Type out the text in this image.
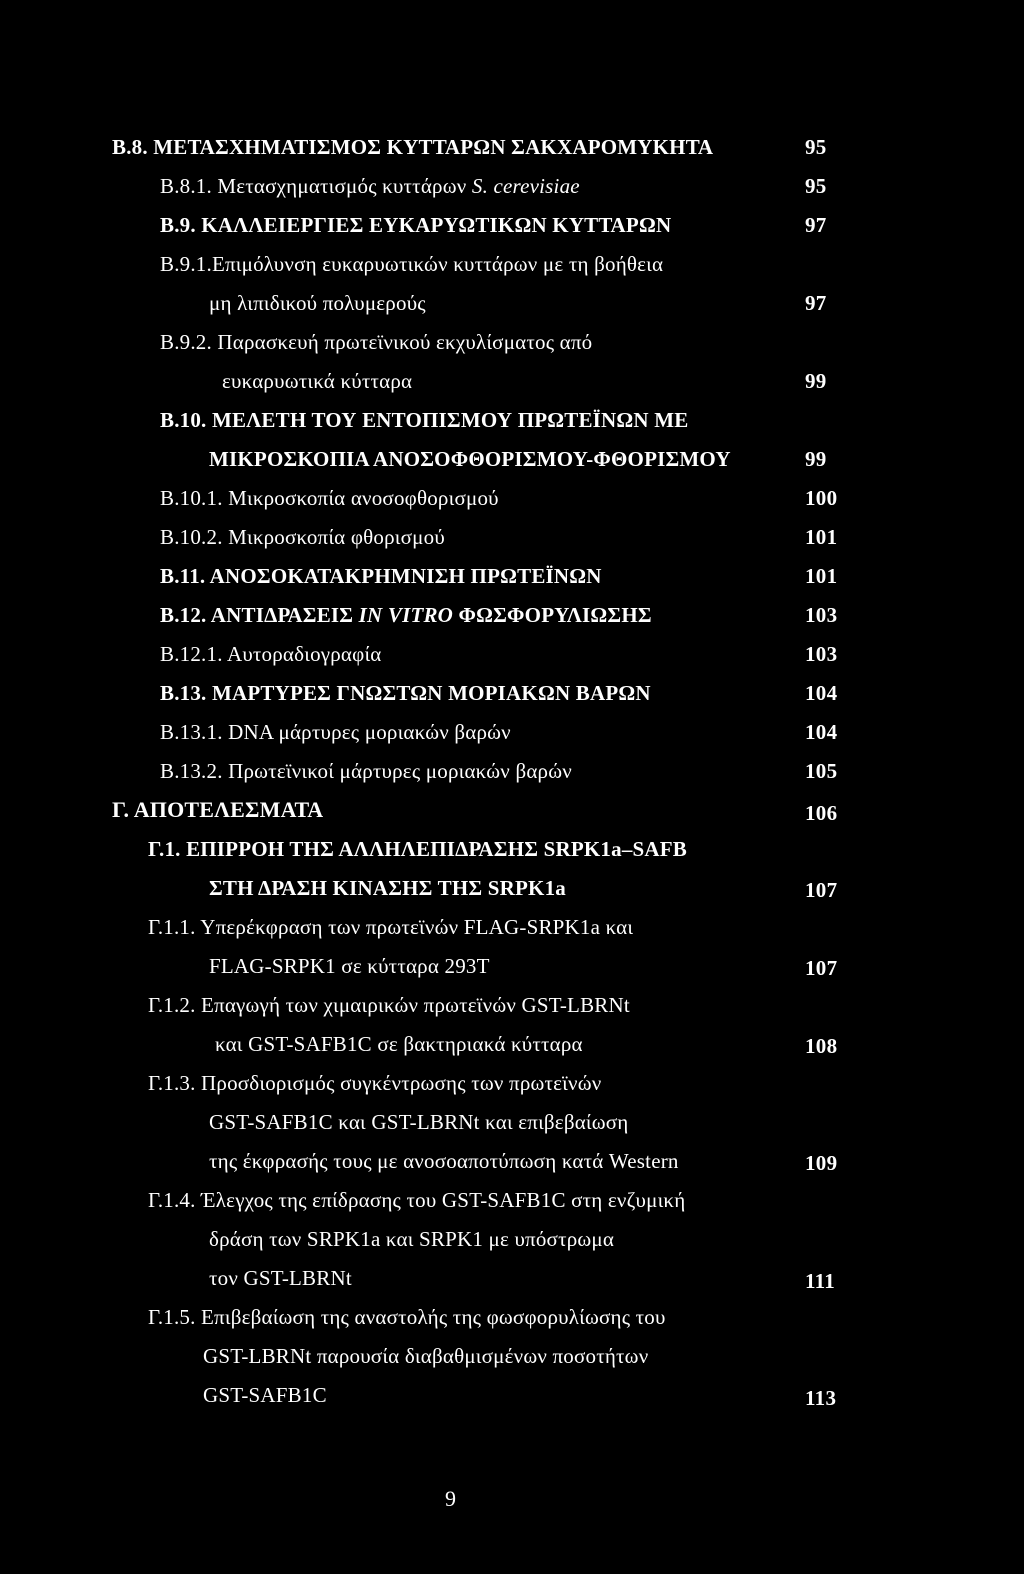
Β.8. ΜΕΤΑΣΧΗΜΑΤΙΣΜΟΣ ΚΥΤΤΑΡΩΝ ΣΑΚΧΑΡΟΜΥΚΗΤΑ	95
Β.8.1. Μετασχηματισμός κυττάρων S. cerevisiae	95
Β.9. ΚΑΛΛΕΙΕΡΓΙΕΣ ΕΥΚΑΡΥΩΤΙΚΩΝ ΚΥΤΤΑΡΩΝ	97
Β.9.1.Επιμόλυνση ευκαρυωτικών κυττάρων με τη βοήθεια
μη λιπιδικού πολυμερούς	97
Β.9.2. Παρασκευή πρωτεϊνικού εκχυλίσματος από
ευκαρυωτικά κύτταρα	99
Β.10. ΜΕΛΕΤΗ ΤΟΥ ΕΝΤΟΠΙΣΜΟΥ ΠΡΩΤΕΪΝΩΝ ΜΕ
ΜΙΚΡΟΣΚΟΠΙΑ ΑΝΟΣΟΦΘΟΡΙΣΜΟΥ-ΦΘΟΡΙΣΜΟΥ	99
Β.10.1. Μικροσκοπία ανοσοφθορισμού	100
Β.10.2. Μικροσκοπία φθορισμού	101
Β.11. ΑΝΟΣΟΚΑΤΑΚΡΗΜΝΙΣΗ ΠΡΩΤΕΪΝΩΝ	101
Β.12. ΑΝΤΙΔΡΑΣΕΙΣ IN VITRO ΦΩΣΦΟΡΥΛΙΩΣΗΣ	103
Β.12.1. Αυτοραδιογραφία	103
Β.13. ΜΑΡΤΥΡΕΣ ΓΝΩΣΤΩΝ ΜΟΡΙΑΚΩΝ ΒΑΡΩΝ	104
Β.13.1. DNA μάρτυρες μοριακών βαρών	104
Β.13.2. Πρωτεϊνικοί μάρτυρες μοριακών βαρών	105
Γ. ΑΠΟΤΕΛΕΣΜΑΤΑ	106
Γ.1. ΕΠΙΡΡΟΗ ΤΗΣ ΑΛΛΗΛΕΠΙΔΡΑΣΗΣ SRPK1a–SAFB
ΣΤΗ ΔΡΑΣΗ ΚΙΝΑΣΗΣ ΤΗΣ SRPK1a	107
Γ.1.1. Υπερέκφραση των πρωτεϊνών FLAG-SRPK1a και
FLAG-SRPK1 σε κύτταρα 293T	107
Γ.1.2. Επαγωγή των χιμαιρικών πρωτεϊνών GST-LBRNt
και GST-SAFB1C σε βακτηριακά κύτταρα	108
Γ.1.3. Προσδιορισμός συγκέντρωσης των πρωτεϊνών
GST-SAFB1C και GST-LBRNt και επιβεβαίωση
της έκφρασής τους με ανοσοαποτύπωση κατά Western	109
Γ.1.4. Έλεγχος της επίδρασης του GST-SAFB1C στη ενζυμική
δράση των SRPK1a και SRPK1 με υπόστρωμα
τον GST-LBRNt	111
Γ.1.5. Επιβεβαίωση της αναστολής της φωσφορυλίωσης του
GST-LBRNt παρουσία διαβαθμισμένων ποσοτήτων
GST-SAFB1C	113
9
